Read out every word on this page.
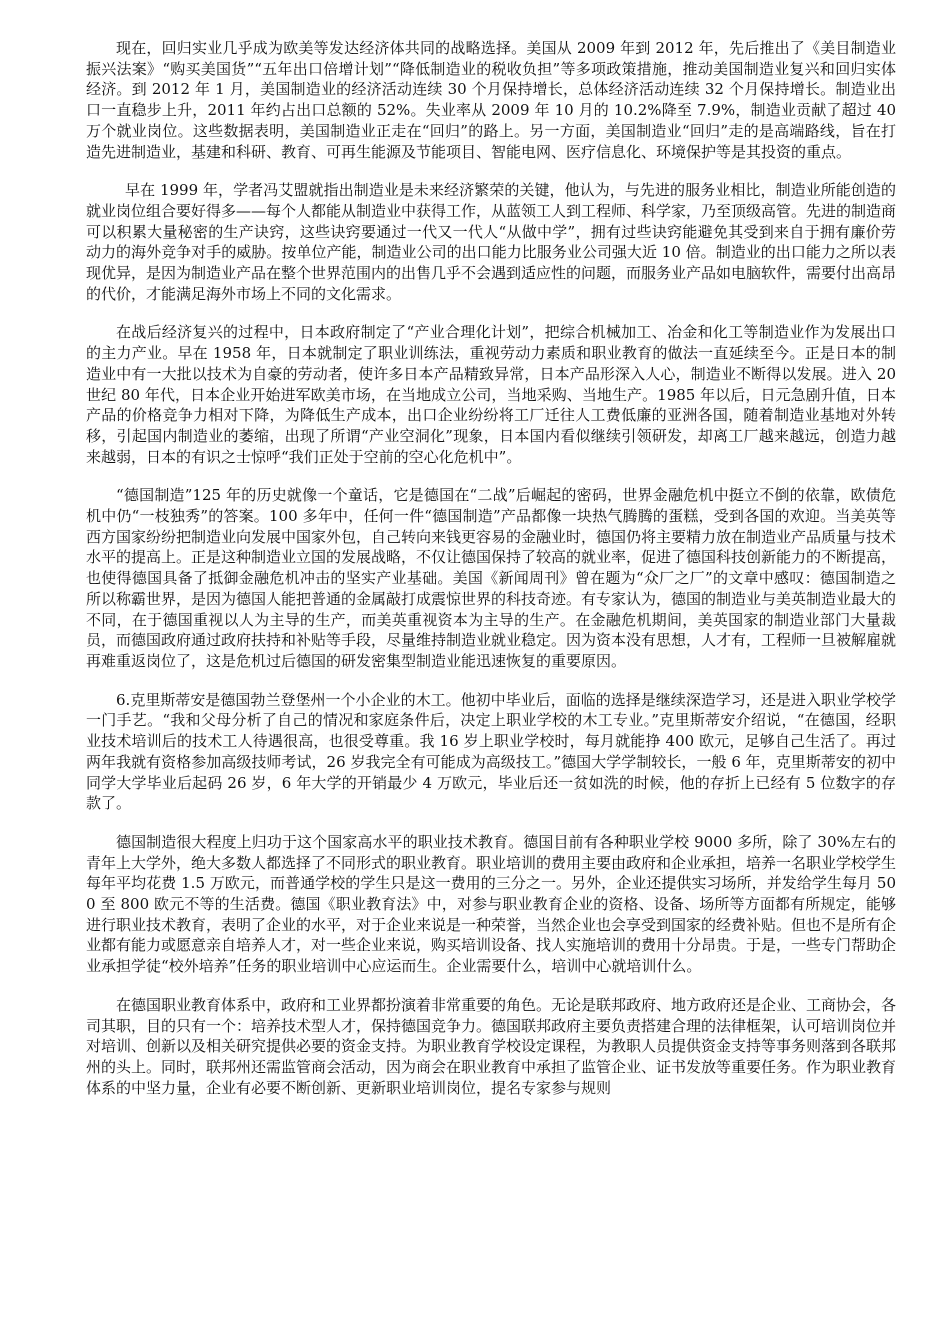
现在，回归实业几乎成为欧美等发达经济体共同的战略选择。美国从 2009 年到 2012 年，先后推出了《美目制造业振兴法案》“购买美国货”“五年出口倍增计划”“降低制造业的税收负担”等多项政策措施，推动美国制造业复兴和回归实体经济。到 2012 年 1 月，美国制造业的经济活动连续 30 个月保持增长，总体经济活动连续 32 个月保持增长。制造业出口一直稳步上升，2011 年约占出口总额的 52%。失业率从 2009 年 10 月的 10.2%降至 7.9%，制造业贡献了超过 40 万个就业岗位。这些数据表明，美国制造业正走在“回归”的路上。另一方面，美国制造业“回归”走的是高端路线，旨在打造先进制造业，基建和科研、教育、可再生能源及节能项目、智能电网、医疗信息化、环境保护等是其投资的重点。

早在 1999 年，学者冯艾盟就指出制造业是未来经济繁荣的关键，他认为，与先进的服务业相比，制造业所能创造的就业岗位组合要好得多——每个人都能从制造业中获得工作，从蓝领工人到工程师、科学家，乃至顶级高管。先进的制造商可以积累大量秘密的生产诀窍，这些诀窍要通过一代又一代人“从做中学”，拥有过些诀窍能避免其受到来自于拥有廉价劳动力的海外竞争对手的威胁。按单位产能，制造业公司的出口能力比服务业公司强大近 10 倍。制造业的出口能力之所以表现优异，是因为制造业产品在整个世界范围内的出售几乎不会遇到适应性的问题，而服务业产品如电脑软件，需要付出高昂的代价，才能满足海外市场上不同的文化需求。

在战后经济复兴的过程中，日本政府制定了“产业合理化计划”，把综合机械加工、冶金和化工等制造业作为发展出口的主力产业。早在 1958 年，日本就制定了职业训练法，重视劳动力素质和职业教育的做法一直延续至今。正是日本的制造业中有一大批以技术为自豪的劳动者，使许多日本产品精致异常，日本产品形深入人心，制造业不断得以发展。进入 20 世纪 80 年代，日本企业开始进军欧美市场，在当地成立公司，当地采购、当地生产。1985 年以后，日元急剧升值，日本产品的价格竞争力相对下降，为降低生产成本，出口企业纷纷将工厂迁往人工费低廉的亚洲各国，随着制造业基地对外转移，引起国内制造业的萎缩，出现了所谓“产业空洞化”现象，日本国内看似继续引领研发，却离工厂越来越远，创造力越来越弱，日本的有识之士惊呼“我们正处于空前的空心化危机中”。

“德国制造”125 年的历史就像一个童话，它是德国在“二战”后崛起的密码，世界金融危机中挺立不倒的依靠，欧债危机中仍“一枝独秀”的答案。100 多年中，任何一件“德国制造”产品都像一块热气腾腾的蛋糕，受到各国的欢迎。当美英等西方国家纷纷把制造业向发展中国家外包，自己转向来钱更容易的金融业时，德国仍将主要精力放在制造业产品质量与技术水平的提高上。正是这种制造业立国的发展战略，不仅让德国保持了较高的就业率，促进了德国科技创新能力的不断提高，也使得德国具备了抵御金融危机冲击的坚实产业基础。美国《新闻周刊》曾在题为“众厂之厂”的文章中感叹：德国制造之所以称霸世界，是因为德国人能把普通的金属敲打成震惊世界的科技奇迹。有专家认为，德国的制造业与美英制造业最大的不同，在于德国重视以人为主导的生产，而美英重视资本为主导的生产。在金融危机期间，美英国家的制造业部门大量裁员，而德国政府通过政府扶持和补贴等手段，尽量维持制造业就业稳定。因为资本没有思想，人才有，工程师一旦被解雇就再难重返岗位了，这是危机过后德国的研发密集型制造业能迅速恢复的重要原因。

6.克里斯蒂安是德国勃兰登堡州一个小企业的木工。他初中毕业后，面临的选择是继续深造学习，还是进入职业学校学一门手艺。“我和父母分析了自己的情况和家庭条件后，决定上职业学校的木工专业。”克里斯蒂安介绍说，“在德国，经职业技术培训后的技术工人待遇很高，也很受尊重。我 16 岁上职业学校时，每月就能挣 400 欧元，足够自己生活了。再过两年我就有资格参加高级技师考试，26 岁我完全有可能成为高级技工。”德国大学学制较长，一般 6 年，克里斯蒂安的初中同学大学毕业后起码 26 岁，6 年大学的开销最少 4 万欧元，毕业后还一贫如洗的时候，他的存折上已经有 5 位数字的存款了。

德国制造很大程度上归功于这个国家高水平的职业技术教育。德国目前有各种职业学校 9000 多所，除了 30%左右的青年上大学外，绝大多数人都选择了不同形式的职业教育。职业培训的费用主要由政府和企业承担，培养一名职业学校学生每年平均花费 1.5 万欧元，而普通学校的学生只是这一费用的三分之一。另外，企业还提供实习场所，并发给学生每月 500 至 800 欧元不等的生活费。德国《职业教育法》中，对参与职业教育企业的资格、设备、场所等方面都有所规定，能够进行职业技术教育，表明了企业的水平，对于企业来说是一种荣誉，当然企业也会享受到国家的经费补贴。但也不是所有企业都有能力或愿意亲自培养人才，对一些企业来说，购买培训设备、找人实施培训的费用十分昂贵。于是，一些专门帮助企业承担学徒“校外培养”任务的职业培训中心应运而生。企业需要什么，培训中心就培训什么。

在德国职业教育体系中，政府和工业界都扮演着非常重要的角色。无论是联邦政府、地方政府还是企业、工商协会，各司其职，目的只有一个：培养技术型人才，保持德国竞争力。德国联邦政府主要负责搭建合理的法律框架，认可培训岗位并对培训、创新以及相关研究提供必要的资金支持。为职业教育学校设定课程，为教职人员提供资金支持等事务则落到各联邦州的头上。同时，联邦州还需监管商会活动，因为商会在职业教育中承担了监管企业、证书发放等重要任务。作为职业教育体系的中坚力量，企业有必要不断创新、更新职业培训岗位，提名专家参与规则
